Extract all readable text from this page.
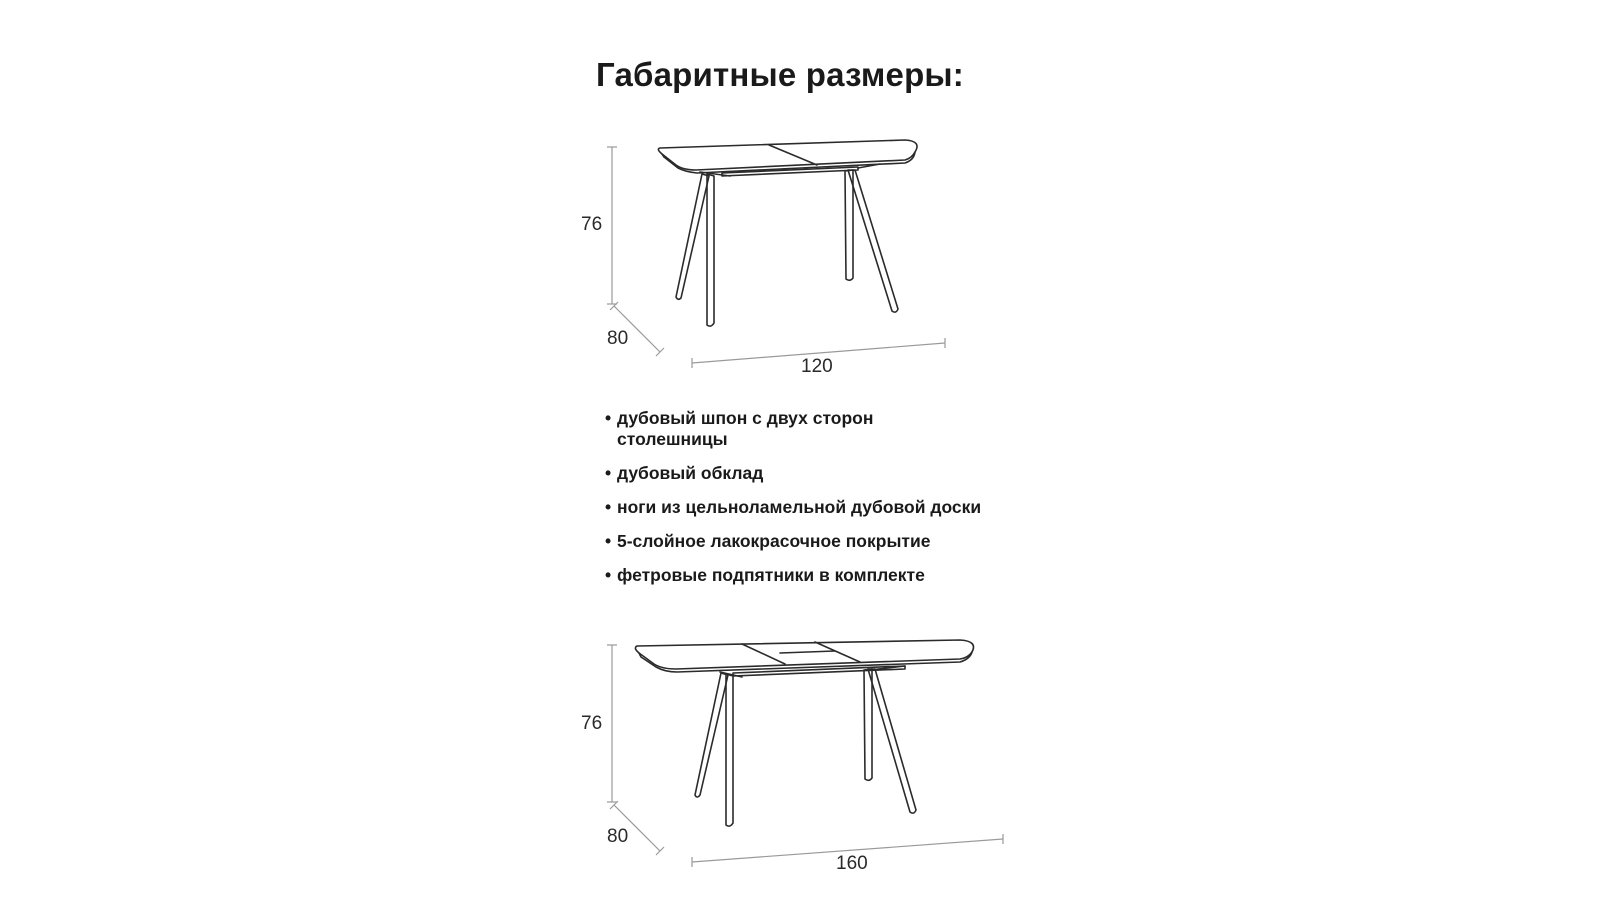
Габаритные размеры:
76
80
120
76
80
160
• дубовый шпон с двух сторон столешницы
• дубовый обклад
• ноги из цельноламельной дубовой доски
• 5-слойное лакокрасочное покрытие
• фетровые подпятники в комплекте
